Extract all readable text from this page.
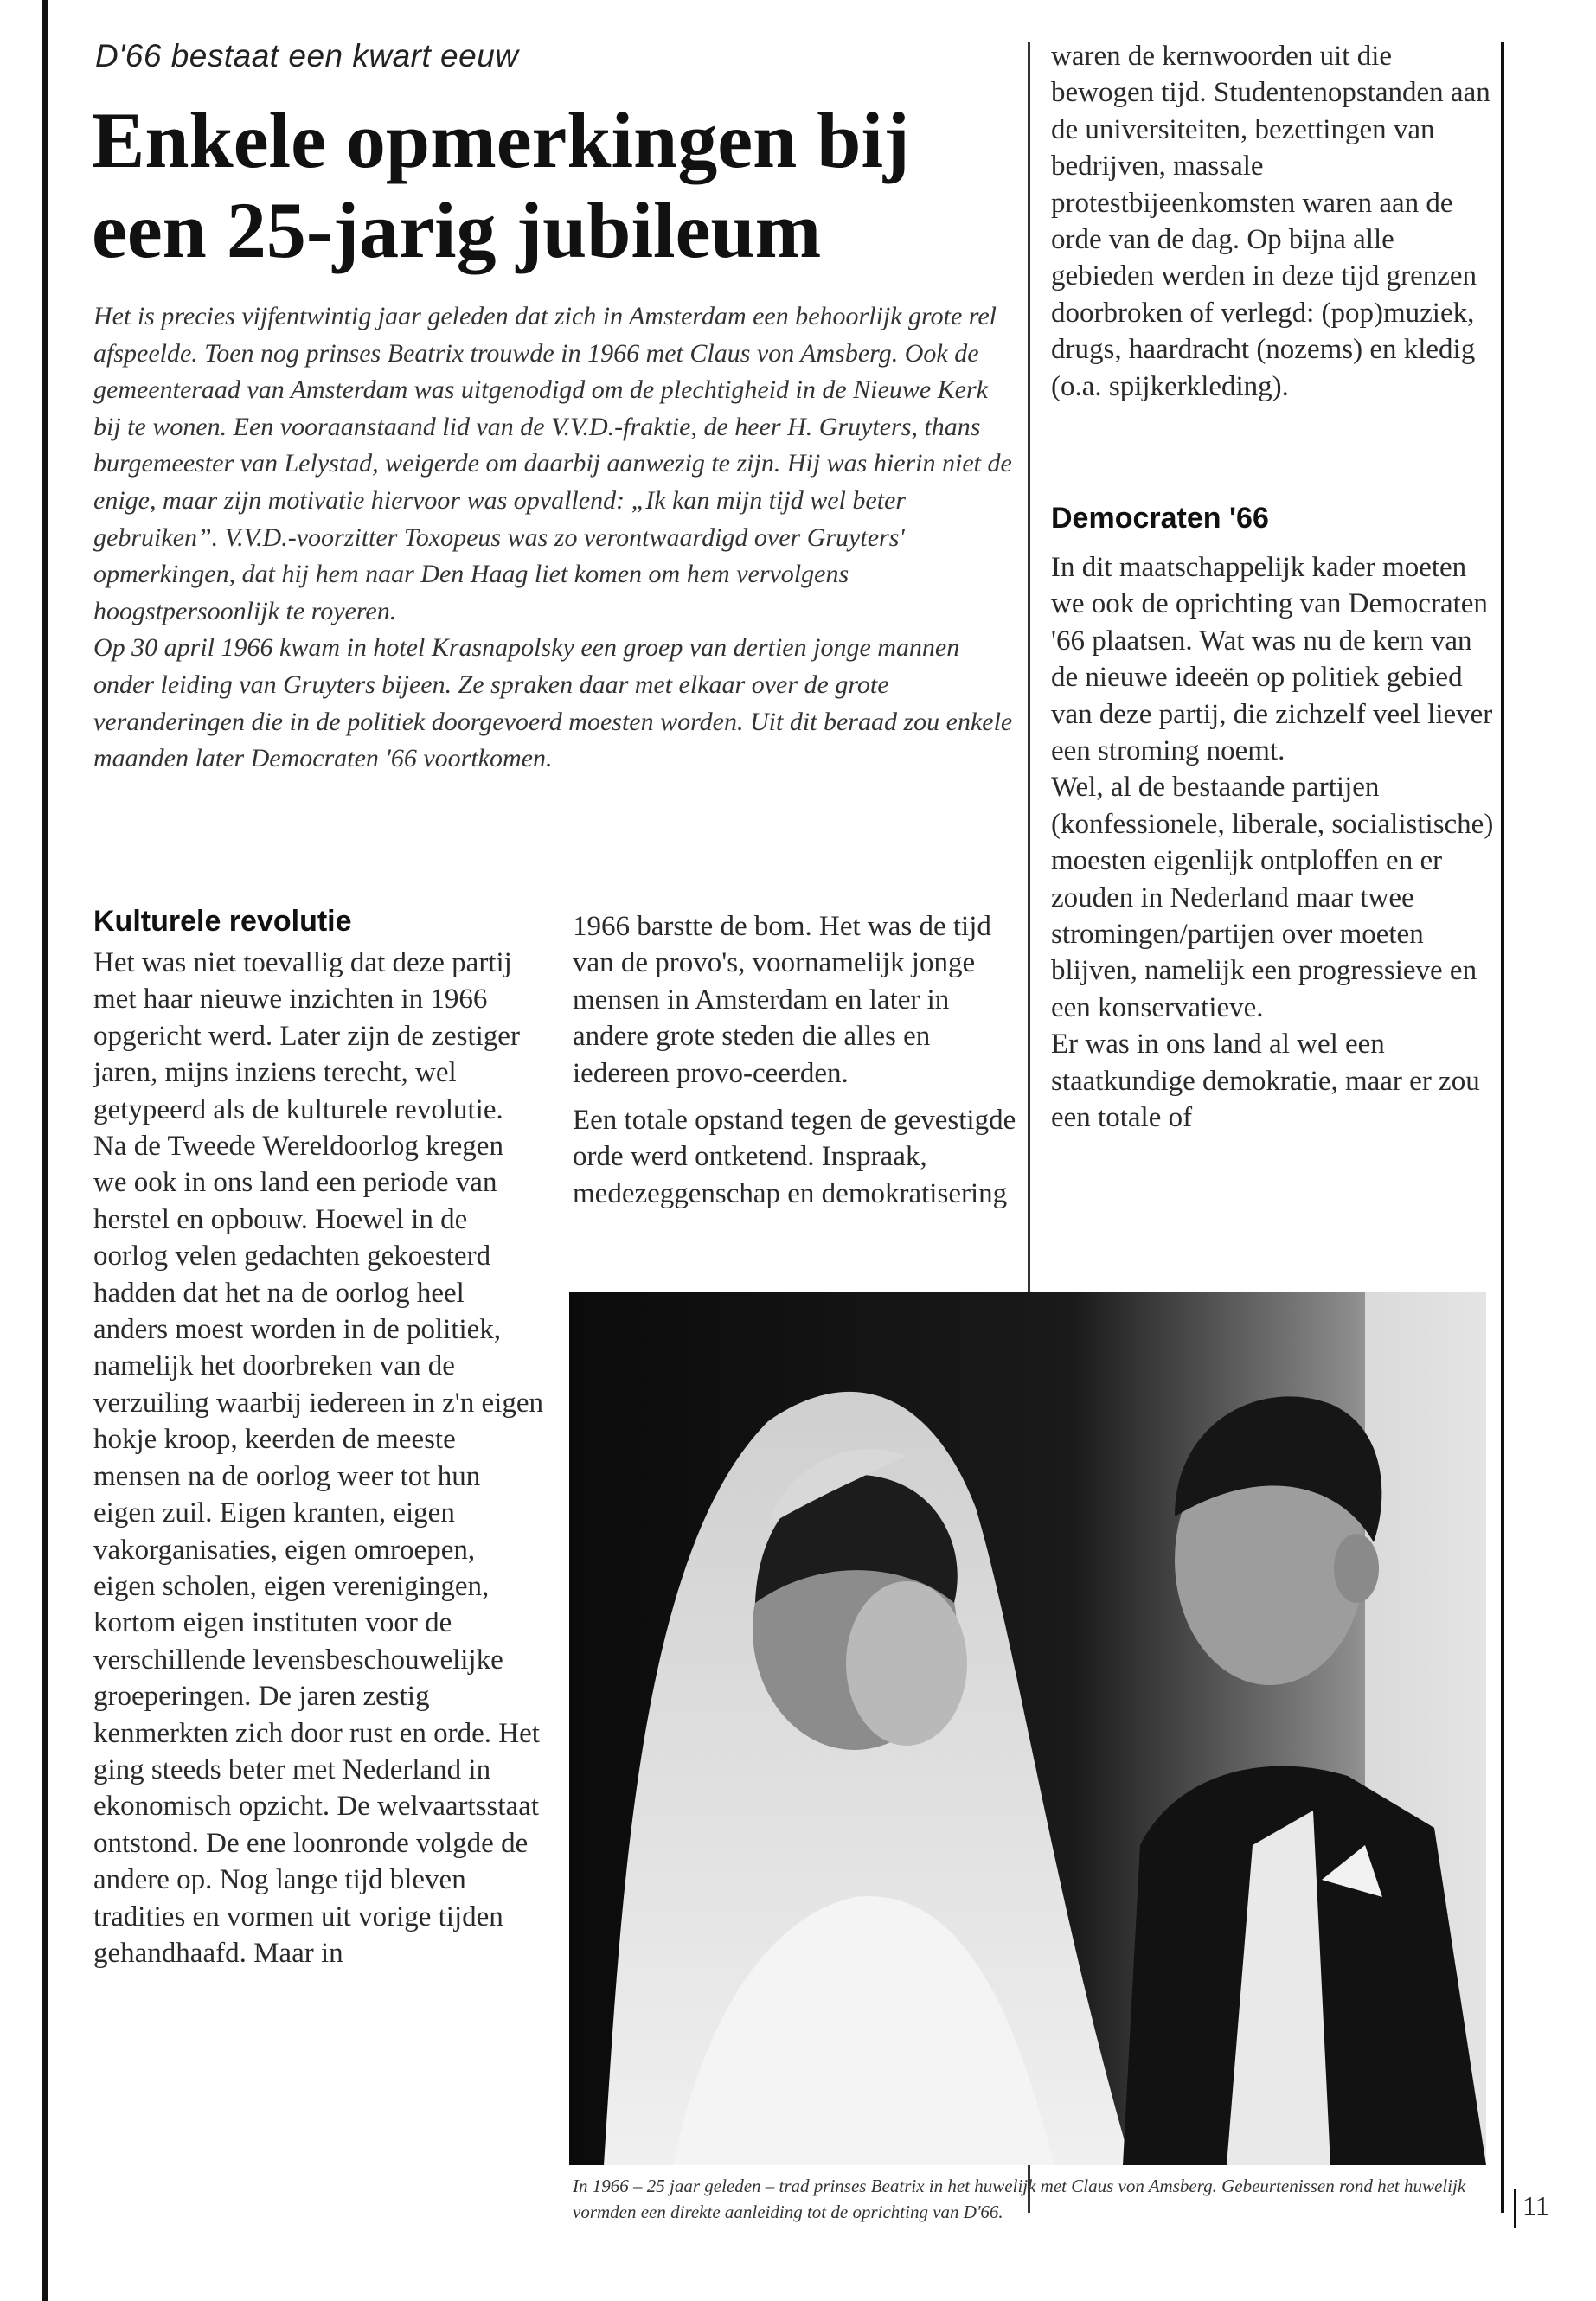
D'66 bestaat een kwart eeuw
Enkele opmerkingen bij
een 25-jarig jubileum

Het is precies vijfentwintig jaar geleden dat zich in Amsterdam een behoorlijk grote rel afspeelde. Toen nog prinses Beatrix trouwde in 1966 met Claus von Amsberg. Ook de gemeenteraad van Amsterdam was uitgenodigd om de plechtigheid in de Nieuwe Kerk bij te wonen. Een vooraanstaand lid van de V.V.D.-fraktie, de heer H. Gruyters, thans burgemeester van Lelystad, weigerde om daarbij aanwezig te zijn. Hij was hierin niet de enige, maar zijn motivatie hiervoor was opvallend: „Ik kan mijn tijd wel beter gebruiken”. V.V.D.-voorzitter Toxopeus was zo verontwaardigd over Gruyters' opmerkingen, dat hij hem naar Den Haag liet komen om hem vervolgens hoogstpersoonlijk te royeren.

Op 30 april 1966 kwam in hotel Krasnapolsky een groep van dertien jonge mannen onder leiding van Gruyters bijeen. Ze spraken daar met elkaar over de grote veranderingen die in de politiek doorgevoerd moesten worden. Uit dit beraad zou enkele maanden later Democraten '66 voortkomen.

Kulturele revolutie

Het was niet toevallig dat deze partij met haar nieuwe inzichten in 1966 opgericht werd. Later zijn de zestiger jaren, mijns inziens terecht, wel getypeerd als de kulturele revolutie. Na de Tweede Wereldoorlog kregen we ook in ons land een periode van herstel en opbouw. Hoewel in de oorlog velen gedachten gekoesterd hadden dat het na de oorlog heel anders moest worden in de politiek, namelijk het doorbreken van de verzuiling waarbij iedereen in z'n eigen hokje kroop, keerden de meeste mensen na de oorlog weer tot hun eigen zuil. Eigen kranten, eigen vakorganisaties, eigen omroepen, eigen scholen, eigen verenigingen, kortom eigen instituten voor de verschillende levensbeschouwelijke groeperingen. De jaren zestig kenmerkten zich door rust en orde. Het ging steeds beter met Nederland in ekonomisch opzicht. De welvaartsstaat ontstond. De ene loonronde volgde de andere op. Nog lange tijd bleven tradities en vormen uit vorige tijden gehandhaafd. Maar in

1966 barstte de bom. Het was de tijd van de provo's, voornamelijk jonge mensen in Amsterdam en later in andere grote steden die alles en iedereen provo-ceerden.

Een totale opstand tegen de gevestigde orde werd ontketend. Inspraak, medezeggenschap en demokratisering

waren de kernwoorden uit die bewogen tijd. Studentenopstanden aan de universiteiten, bezettingen van bedrijven, massale protestbijeenkomsten waren aan de orde van de dag. Op bijna alle gebieden werden in deze tijd grenzen doorbroken of verlegd: (pop)muziek, drugs, haardracht (nozems) en kledig (o.a. spijkerkleding).

Democraten '66

In dit maatschappelijk kader moeten we ook de oprichting van Democraten '66 plaatsen. Wat was nu de kern van de nieuwe ideeën op politiek gebied van deze partij, die zichzelf veel liever een stroming noemt.

Wel, al de bestaande partijen (konfessionele, liberale, socialistische) moesten eigenlijk ontploffen en er zouden in Nederland maar twee stromingen/partijen over moeten blijven, namelijk een progressieve en een konservatieve.

Er was in ons land al wel een staatkundige demokratie, maar er zou een totale of

In 1966 – 25 jaar geleden – trad prinses Beatrix in het huwelijk met Claus von Amsberg. Gebeurtenissen rond het huwelijk vormden een direkte aanleiding tot de oprichting van D'66.	11
